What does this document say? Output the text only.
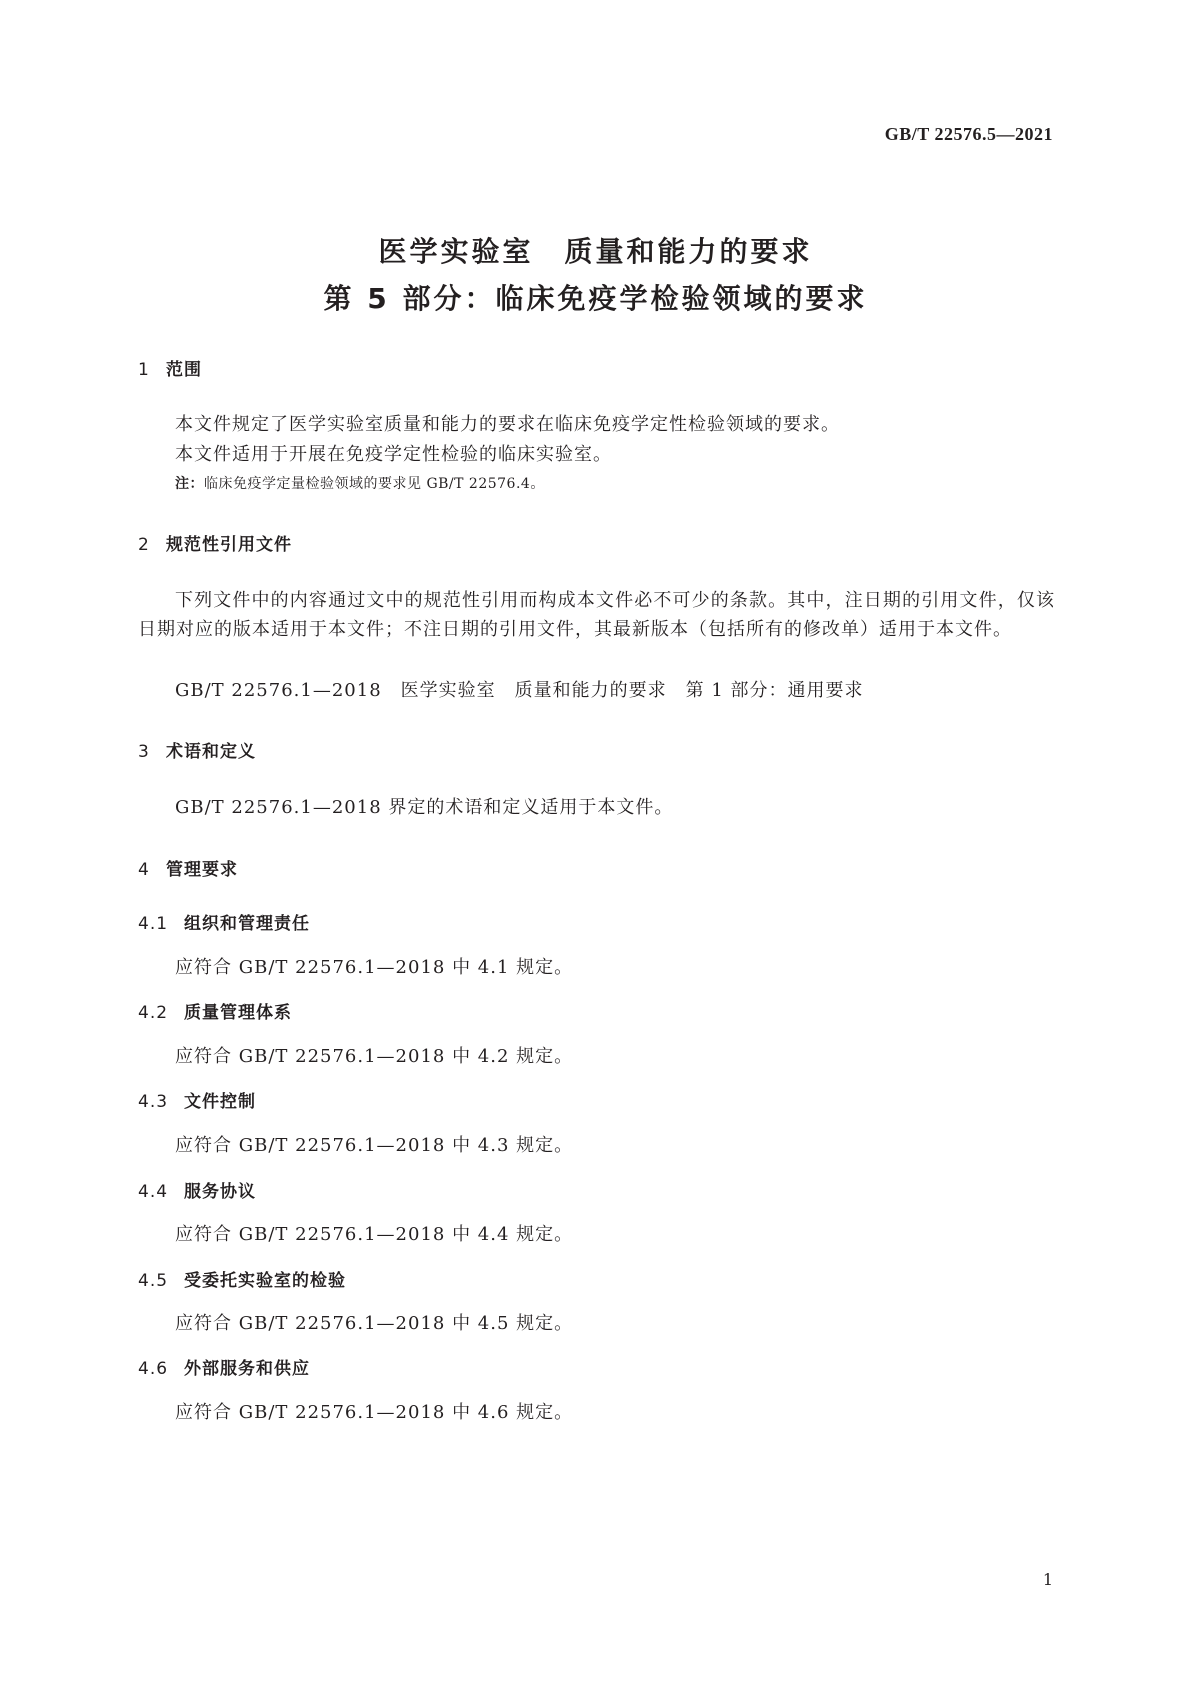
GB/T 22576.5—2021
医学实验室　质量和能力的要求
第 5 部分：临床免疫学检验领域的要求
1 范围
本文件规定了医学实验室质量和能力的要求在临床免疫学定性检验领域的要求。
本文件适用于开展在免疫学定性检验的临床实验室。
注：临床免疫学定量检验领域的要求见 GB/T 22576.4。
2 规范性引用文件
下列文件中的内容通过文中的规范性引用而构成本文件必不可少的条款。其中，注日期的引用文件，仅该日期对应的版本适用于本文件；不注日期的引用文件，其最新版本（包括所有的修改单）适用于本文件。
GB/T 22576.1—2018　医学实验室　质量和能力的要求　第 1 部分：通用要求
3 术语和定义
GB/T 22576.1—2018 界定的术语和定义适用于本文件。
4 管理要求
4.1 组织和管理责任
应符合 GB/T 22576.1—2018 中 4.1 规定。
4.2 质量管理体系
应符合 GB/T 22576.1—2018 中 4.2 规定。
4.3 文件控制
应符合 GB/T 22576.1—2018 中 4.3 规定。
4.4 服务协议
应符合 GB/T 22576.1—2018 中 4.4 规定。
4.5 受委托实验室的检验
应符合 GB/T 22576.1—2018 中 4.5 规定。
4.6 外部服务和供应
应符合 GB/T 22576.1—2018 中 4.6 规定。
1
